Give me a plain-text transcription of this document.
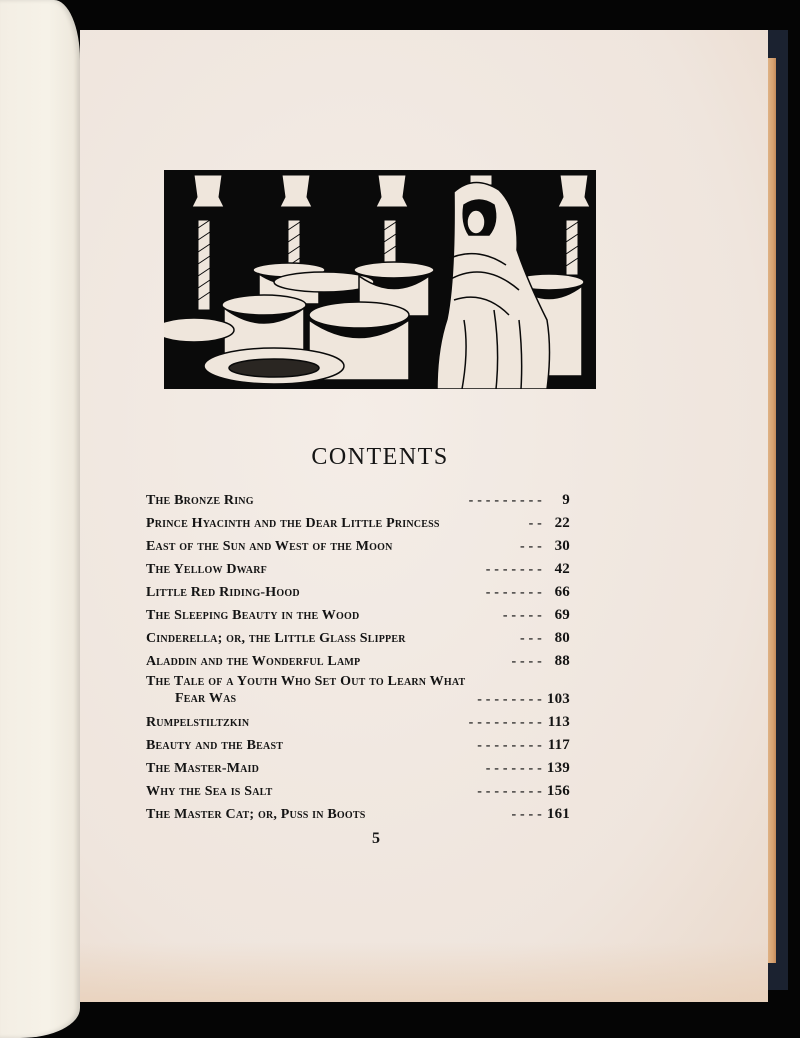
CONTENTS
The Bronze Ring	- - - - - - - - - 9
Prince Hyacinth and the Dear Little Princess	- - 22
East of the Sun and West of the Moon	- - - 30
The Yellow Dwarf	- - - - - - - 42
Little Red Riding-Hood	- - - - - - - 66
The Sleeping Beauty in the Wood	- - - - - 69
Cinderella; or, the Little Glass Slipper	- - - 80
Aladdin and the Wonderful Lamp	- - - - 88
The Tale of a Youth Who Set Out to Learn What
Fear Was	- - - - - - - - 103
Rumpelstiltzkin	- - - - - - - - - 113
Beauty and the Beast	- - - - - - - - 117
The Master-Maid	- - - - - - - 139
Why the Sea is Salt	- - - - - - - - 156
The Master Cat; or, Puss in Boots	- - - - 161
5
